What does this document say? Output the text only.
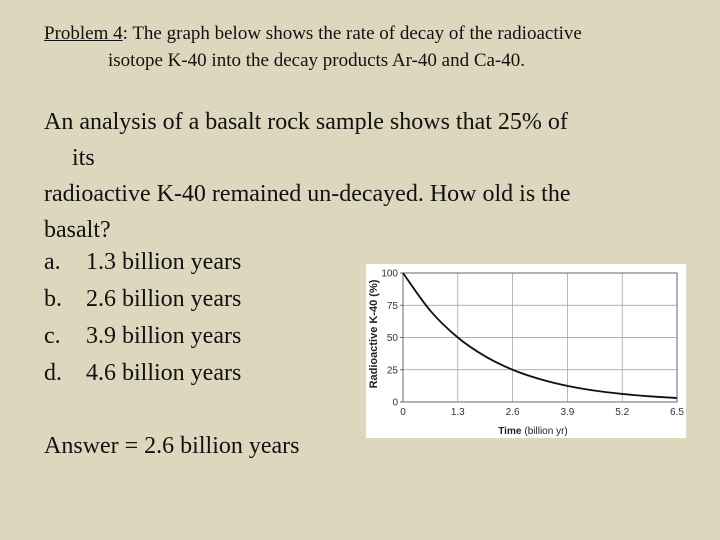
Problem 4: The graph below shows the rate of decay of the radioactive
isotope K-40 into the decay products Ar-40 and Ca-40.
An analysis of a basalt rock sample shows that 25% of
its
radioactive K-40 remained un-decayed. How old is the
basalt?
a.	1.3 billion years
b.	2.6 billion years
c.	3.9 billion years
d.	4.6 billion years
Answer = 2.6 billion years
0	1.3	2.6	3.9	5.2	6.5
0
25
50
75
100
Radioactive K-40 (%)
Time (billion yr)
